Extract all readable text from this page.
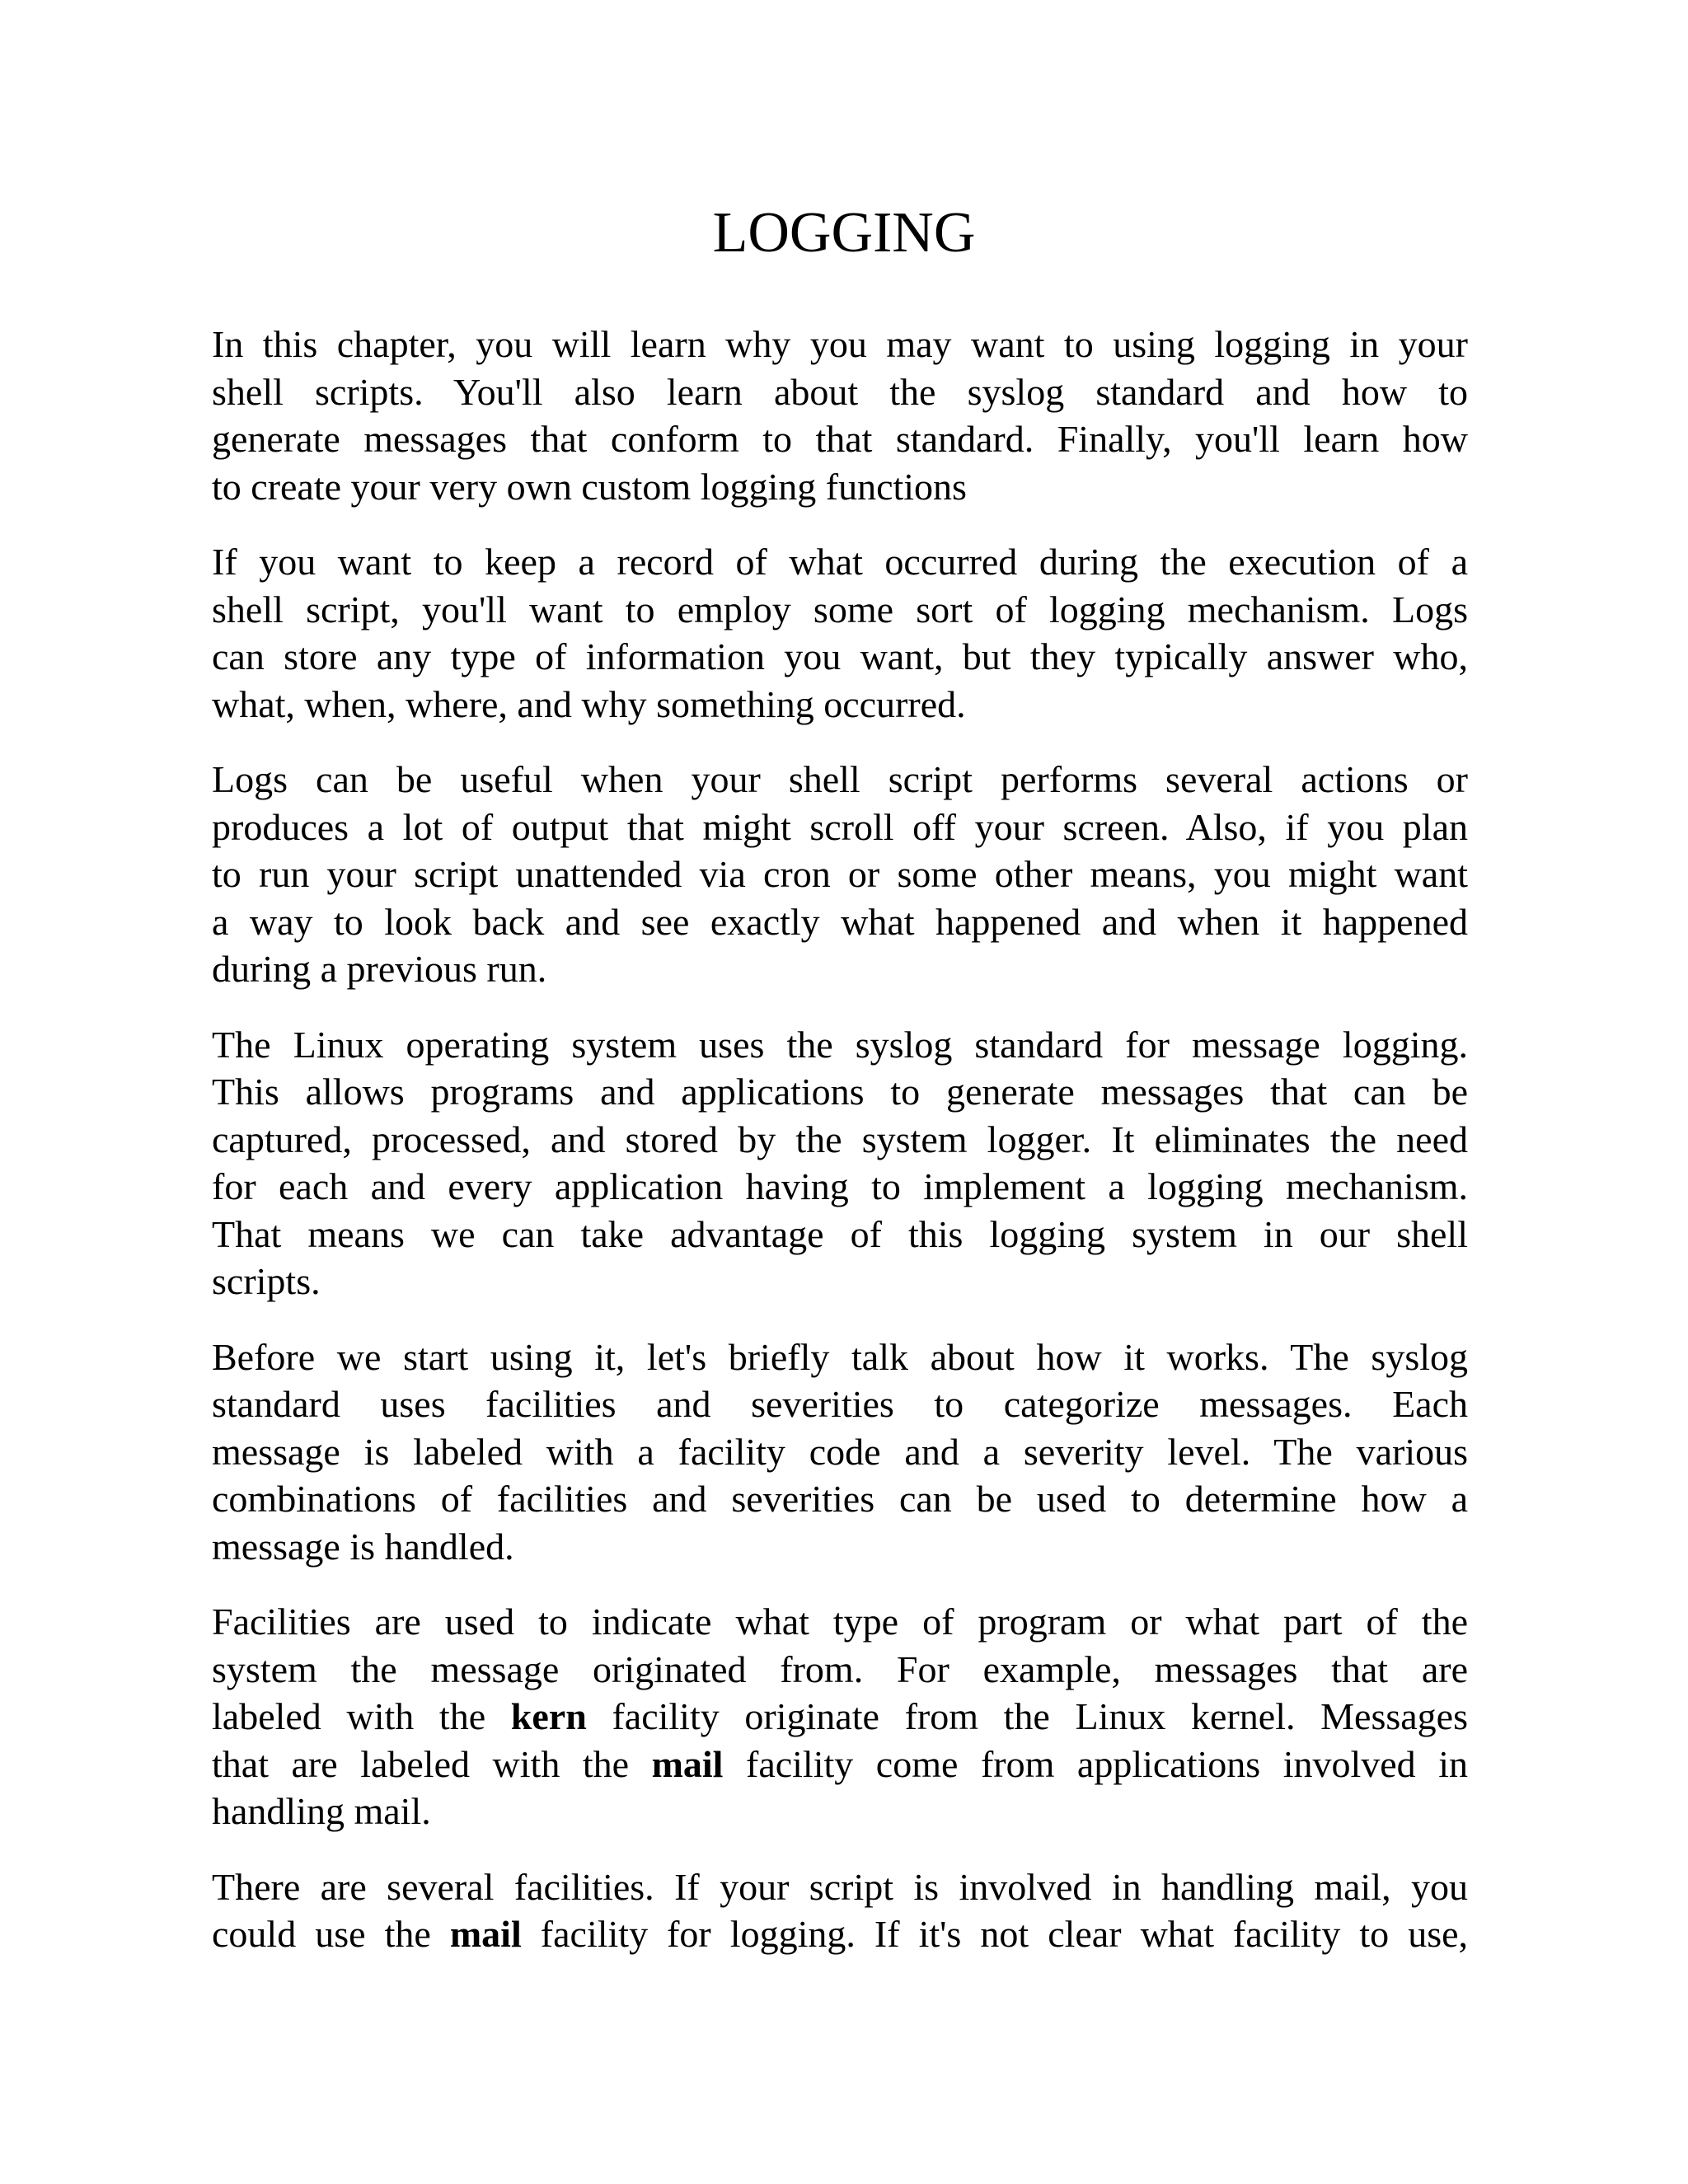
LOGGING

In this chapter, you will learn why you may want to using logging in your
shell scripts. You'll also learn about the syslog standard and how to
generate messages that conform to that standard. Finally, you'll learn how
to create your very own custom logging functions

If you want to keep a record of what occurred during the execution of a
shell script, you'll want to employ some sort of logging mechanism. Logs
can store any type of information you want, but they typically answer who,
what, when, where, and why something occurred.

Logs can be useful when your shell script performs several actions or
produces a lot of output that might scroll off your screen. Also, if you plan
to run your script unattended via cron or some other means, you might want
a way to look back and see exactly what happened and when it happened
during a previous run.

The Linux operating system uses the syslog standard for message logging.
This allows programs and applications to generate messages that can be
captured, processed, and stored by the system logger. It eliminates the need
for each and every application having to implement a logging mechanism.
That means we can take advantage of this logging system in our shell
scripts.

Before we start using it, let's briefly talk about how it works. The syslog
standard uses facilities and severities to categorize messages. Each
message is labeled with a facility code and a severity level. The various
combinations of facilities and severities can be used to determine how a
message is handled.

Facilities are used to indicate what type of program or what part of the
system the message originated from. For example, messages that are
labeled with the kern facility originate from the Linux kernel. Messages
that are labeled with the mail facility come from applications involved in
handling mail.

There are several facilities. If your script is involved in handling mail, you
could use the mail facility for logging. If it's not clear what facility to use,
